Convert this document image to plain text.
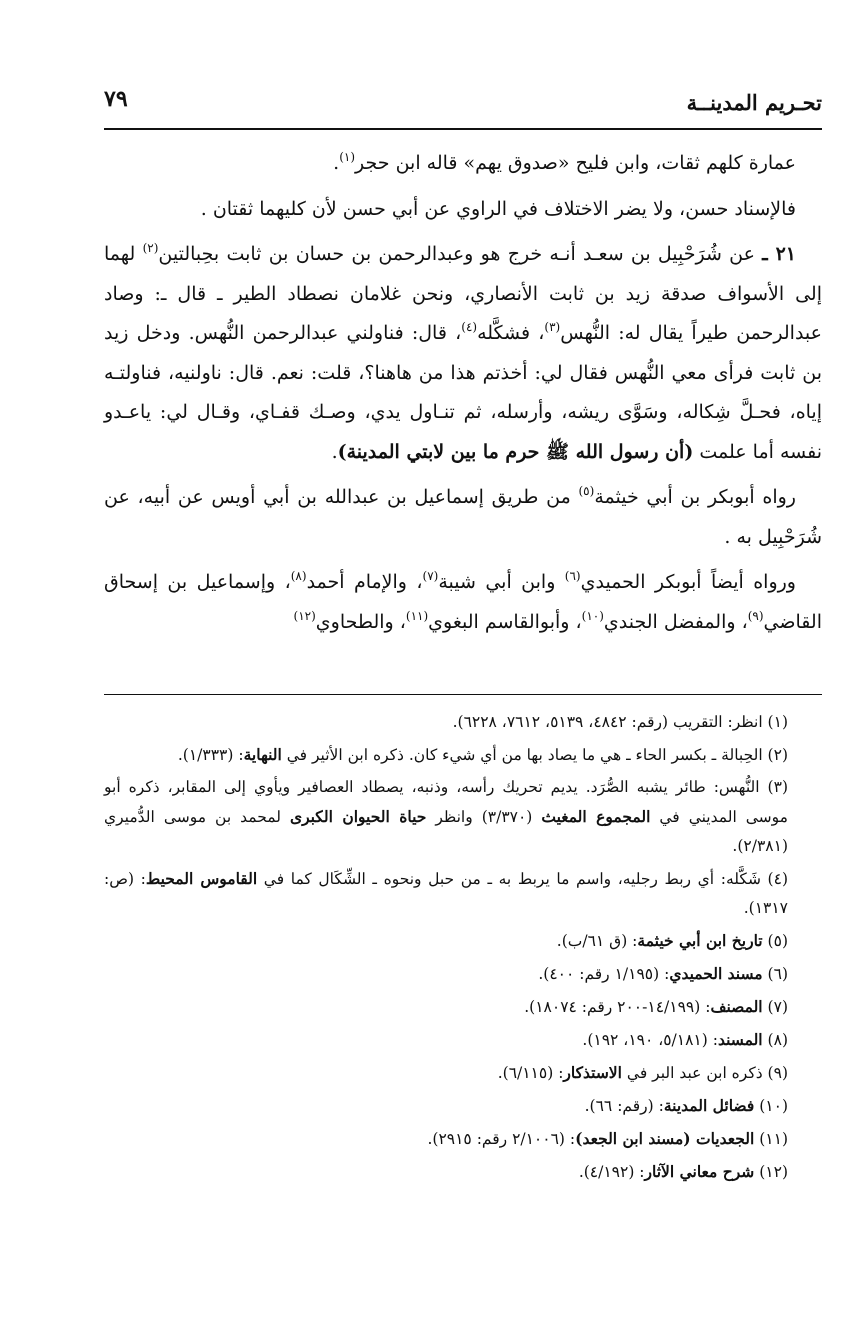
تحـريم المدينــة
٧٩

عمارة كلهم ثقات، وابن فليح «صدوق يهم» قاله ابن حجر$^{(١)}$.

فالإسناد حسن، ولا يضر الاختلاف في الراوي عن أبي حسن لأن كليهما ثقتان .

٢١ ـ عن شُرَحْبِيل بن سعـد أنـه خرج هو وعبدالرحمن بن حسان بن ثابت بحِبالتين$^{(٢)}$ لهما إلى الأسواف صدقة زيد بن ثابت الأنصاري، ونحن غلامان نصطاد الطير ـ قال ـ: وصاد عبدالرحمن طيراً يقال له: النُّهس$^{(٣)}$، فشكَّله$^{(٤)}$، قال: فناولني عبدالرحمن النُّهس. ودخل زيد بن ثابت فرأى معي النُّهس فقال لي: أخذتم هذا من هاهنا؟، قلت: نعم. قال: ناولنيه، فناولتـه إياه، فحـلَّ شِكاله، وسَوَّى ريشه، وأرسله، ثم تنـاول يدي، وصـك قفـاي، وقـال لي: ياعـدو نفسه أما علمت (أن رسول الله ﷺ حرم ما بين لابتي المدينة).

رواه أبوبكر بن أبي خيثمة$^{(٥)}$ من طريق إسماعيل بن عبدالله بن أبي أويس عن أبيه، عن شُرَحْبِيل به .

ورواه أيضاً أبوبكر الحميدي$^{(٦)}$ وابن أبي شيبة$^{(٧)}$، والإمام أحمد$^{(٨)}$، وإسماعيل بن إسحاق القاضي$^{(٩)}$، والمفضل الجندي$^{(١٠)}$، وأبوالقاسم البغوي$^{(١١)}$، والطحاوي$^{(١٢)}$

(١) انظر: التقريب (رقم: ٤٨٤٢، ٥١٣٩، ٧٦١٢، ٦٢٢٨).

(٢) الحِبالة ـ بكسر الحاء ـ هي ما يصاد بها من أي شيء كان. ذكره ابن الأثير في النهاية: (١/٣٣٣).

(٣) النُّهس: طائر يشبه الصُّرَد. يديم تحريك رأسه، وذنبه، يصطاد العصافير ويأوي إلى المقابر، ذكره أبو موسى المديني في المجموع المغيث (٣/٣٧٠) وانظر حياة الحيوان الكبرى لمحمد بن موسى الدُّميري (٢/٣٨١).

(٤) شَكَّله: أي ربط رجليه، واسم ما يربط به ـ من حبل ونحوه ـ الشِّكَال كما في القاموس المحيط: (ص: ١٣١٧).

(٥) تاريخ ابن أبي خيثمة: (ق ٦١/ب).

(٦) مسند الحميدي: (١/١٩٥ رقم: ٤٠٠).

(٧) المصنف: (١٤/١٩٩-٢٠٠ رقم: ١٨٠٧٤).

(٨) المسند: (٥/١٨١، ١٩٠، ١٩٢).

(٩) ذكره ابن عبد البر في الاستذكار: (٦/١١٥).

(١٠) فضائل المدينة: (رقم: ٦٦).

(١١) الجعديات (مسند ابن الجعد): (٢/١٠٠٦ رقم: ٢٩١٥).

(١٢) شرح معاني الآثار: (٤/١٩٢).
